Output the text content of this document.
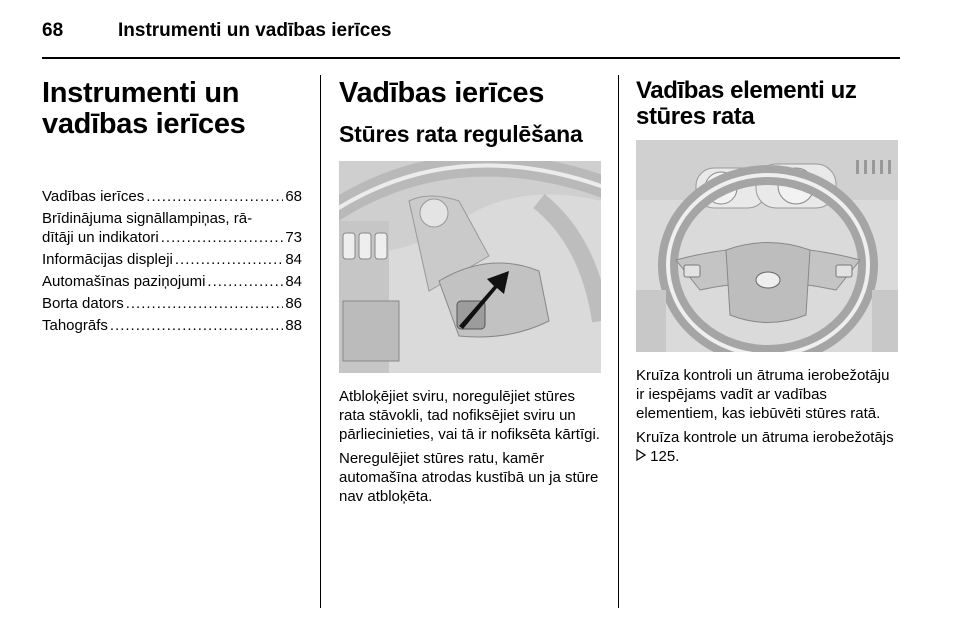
68	Instrumenti un vadības ierīces
Instrumenti un
vadības ierīces
Vadības ierīces .....	68
Brīdinājuma signāllampiņas, rā-
dītāji un indikatori .....	73
Informācijas displeji .....	84
Automašīnas paziņojumi .....	84
Borta dators .....	86
Tahogrāfs .....	88
Vadības ierīces
Stūres rata regulēšana

Atbloķējiet sviru, noregulējiet stūres rata stāvokli, tad nofiksējiet sviru un pārliecinieties, vai tā ir nofiksēta kārtīgi.

Neregulējiet stūres ratu, kamēr automašīna atrodas kustībā un ja stūre nav atbloķēta.

Vadības elementi uz stūres rata

Kruīza kontroli un ātruma ierobežotāju ir iespējams vadīt ar vadības elementiem, kas iebūvēti stūres ratā.

Kruīza kontrole un ātruma ierobežotājs  125.
